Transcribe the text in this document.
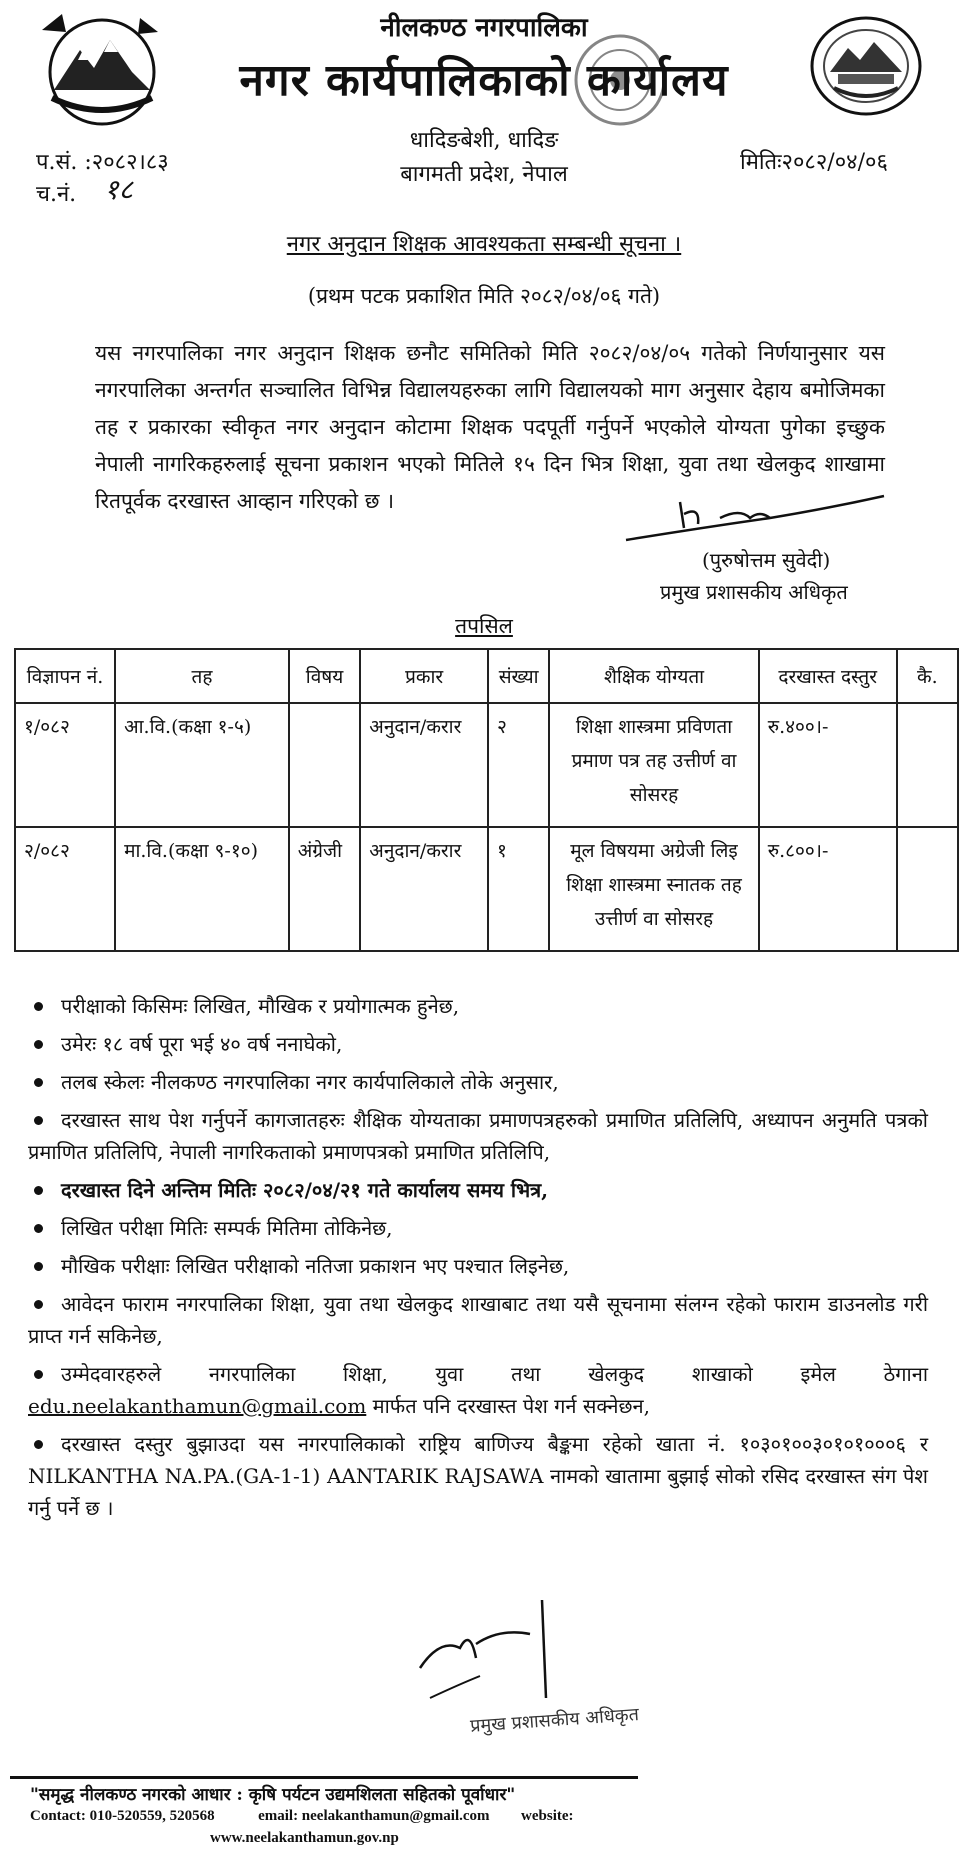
नीलकण्ठ नगरपालिका
नगर कार्यपालिकाको कार्यालय
धादिङबेशी, धादिङ
बागमती प्रदेश, नेपाल
प.सं. :२०८२।८३
च.नं. १८
मितिः२०८२/०४/०६
नगर अनुदान शिक्षक आवश्यकता सम्बन्धी सूचना ।
(प्रथम पटक प्रकाशित मिति २०८२/०४/०६ गते)
यस नगरपालिका नगर अनुदान शिक्षक छनौट समितिको मिति २०८२/०४/०५ गतेको निर्णयानुसार यस नगरपालिका अन्तर्गत सञ्चालित विभिन्न विद्यालयहरुका लागि विद्यालयको माग अनुसार देहाय बमोजिमका तह र प्रकारका स्वीकृत नगर अनुदान कोटामा शिक्षक पदपूर्ती गर्नुपर्ने भएकोले योग्यता पुगेका इच्छुक नेपाली नागरिकहरुलाई सूचना प्रकाशन भएको मितिले १५ दिन भित्र शिक्षा, युवा तथा खेलकुद शाखामा रितपूर्वक दरखास्त आव्हान गरिएको छ ।
(पुरुषोत्तम सुवेदी)
प्रमुख प्रशासकीय अधिकृत
तपसिल
विज्ञापन नं.	तह	विषय	प्रकार	संख्या	शैक्षिक योग्यता	दरखास्त दस्तुर	कै.
१/०८२	आ.वि.(कक्षा १-५)		अनुदान/करार	२	शिक्षा शास्त्रमा प्रविणता प्रमाण पत्र तह उत्तीर्ण वा सोसरह	रु.४००।-	
२/०८२	मा.वि.(कक्षा ९-१०)	अंग्रेजी	अनुदान/करार	१	मूल विषयमा अग्रेजी लिइ शिक्षा शास्त्रमा स्नातक तह उत्तीर्ण वा सोसरह	रु.८००।-	

परीक्षाको किसिमः लिखित, मौखिक र प्रयोगात्मक हुनेछ,

उमेरः १८ वर्ष पूरा भई ४० वर्ष ननाघेको,

तलब स्केलः नीलकण्ठ नगरपालिका नगर कार्यपालिकाले तोके अनुसार,

दरखास्त साथ पेश गर्नुपर्ने कागजातहरुः शैक्षिक योग्यताका प्रमाणपत्रहरुको प्रमाणित प्रतिलिपि, अध्यापन अनुमति पत्रको प्रमाणित प्रतिलिपि, नेपाली नागरिकताको प्रमाणपत्रको प्रमाणित प्रतिलिपि,

दरखास्त दिने अन्तिम मितिः २०८२/०४/२१ गते कार्यालय समय भित्र,

लिखित परीक्षा मितिः सम्पर्क मितिमा तोकिनेछ,

मौखिक परीक्षाः लिखित परीक्षाको नतिजा प्रकाशन भए पश्चात लिइनेछ,

आवेदन फाराम नगरपालिका शिक्षा, युवा तथा खेलकुद शाखाबाट तथा यसै सूचनामा संलग्न रहेको फाराम डाउनलोड गरी प्राप्त गर्न सकिनेछ,

उम्मेदवारहरुले नगरपालिका शिक्षा, युवा तथा खेलकुद शाखाको इमेल ठेगाना edu.neelakanthamun@gmail.com मार्फत पनि दरखास्त पेश गर्न सक्नेछन,

दरखास्त दस्तुर बुझाउदा यस नगरपालिकाको राष्ट्रिय बाणिज्य बैङ्कमा रहेको खाता नं. १०३०१००३०१०१०००६ र NILKANTHA NA.PA.(GA-1-1) AANTARIK RAJSAWA नामको खातामा बुझाई सोको रसिद दरखास्त संग पेश गर्नु पर्ने छ ।

प्रमुख प्रशासकीय अधिकृत
"समृद्ध नीलकण्ठ नगरको आधार : कृषि पर्यटन उद्यमशिलता सहितको पूर्वाधार"
Contact: 010-520559, 520568	email: neelakanthamun@gmail.com website:
www.neelakanthamun.gov.np
